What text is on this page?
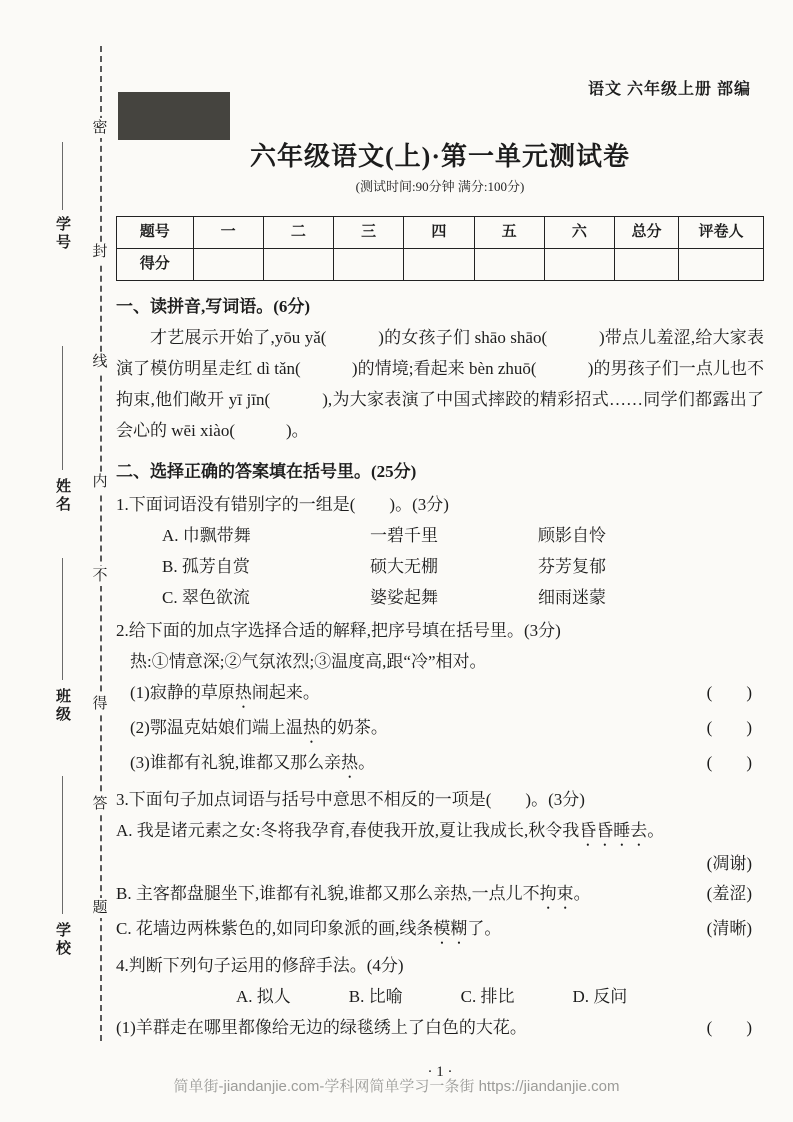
密
封
线
内
不
得
答
题
学号
姓名
班级
学校
语文 六年级上册 部编
六年级语文(上)·第一单元测试卷
(测试时间:90分钟 满分:100分)
题号	一	二	三	四	五	六	总分	评卷人
得分								
一、读拼音,写词语。(6分)

才艺展示开始了,yōu yǎ(　　　)的女孩子们 shāo shāo(　　　)带点儿羞涩,给大家表演了模仿明星走红 dì tǎn(　　　)的情境;看起来 bèn zhuō(　　　)的男孩子们一点儿也不拘束,他们敞开 yī jīn(　　　),为大家表演了中国式摔跤的精彩招式……同学们都露出了会心的 wēi xiào(　　　)。

二、选择正确的答案填在括号里。(25分)
1.下面词语没有错别字的一组是(　　)。(3分)
A. 巾飘带舞	一碧千里	顾影自怜
B. 孤芳自赏	硕大无棚	芬芳复郁
C. 翠色欲流	婆娑起舞	细雨迷蒙
2.给下面的加点字选择合适的解释,把序号填在括号里。(3分)
热:①情意深;②气氛浓烈;③温度高,跟“冷”相对。
(1)寂静的草原热闹起来。	(　　)
(2)鄂温克姑娘们端上温热的奶茶。	(　　)
(3)谁都有礼貌,谁都又那么亲热。	(　　)
3.下面句子加点词语与括号中意思不相反的一项是(　　)。(3分)
A. 我是诸元素之女:冬将我孕育,春使我开放,夏让我成长,秋令我昏昏睡去。
(凋谢)
B. 主客都盘腿坐下,谁都有礼貌,谁都又那么亲热,一点儿不拘束。	(羞涩)
C. 花墙边两株紫色的,如同印象派的画,线条模糊了。	(清晰)
4.判断下列句子运用的修辞手法。(4分)
A. 拟人	B. 比喻	C. 排比	D. 反问
(1)羊群走在哪里都像给无边的绿毯绣上了白色的大花。	(　　)
· 1 ·
简单街-jiandanjie.com-学科网简单学习一条街 https://jiandanjie.com
